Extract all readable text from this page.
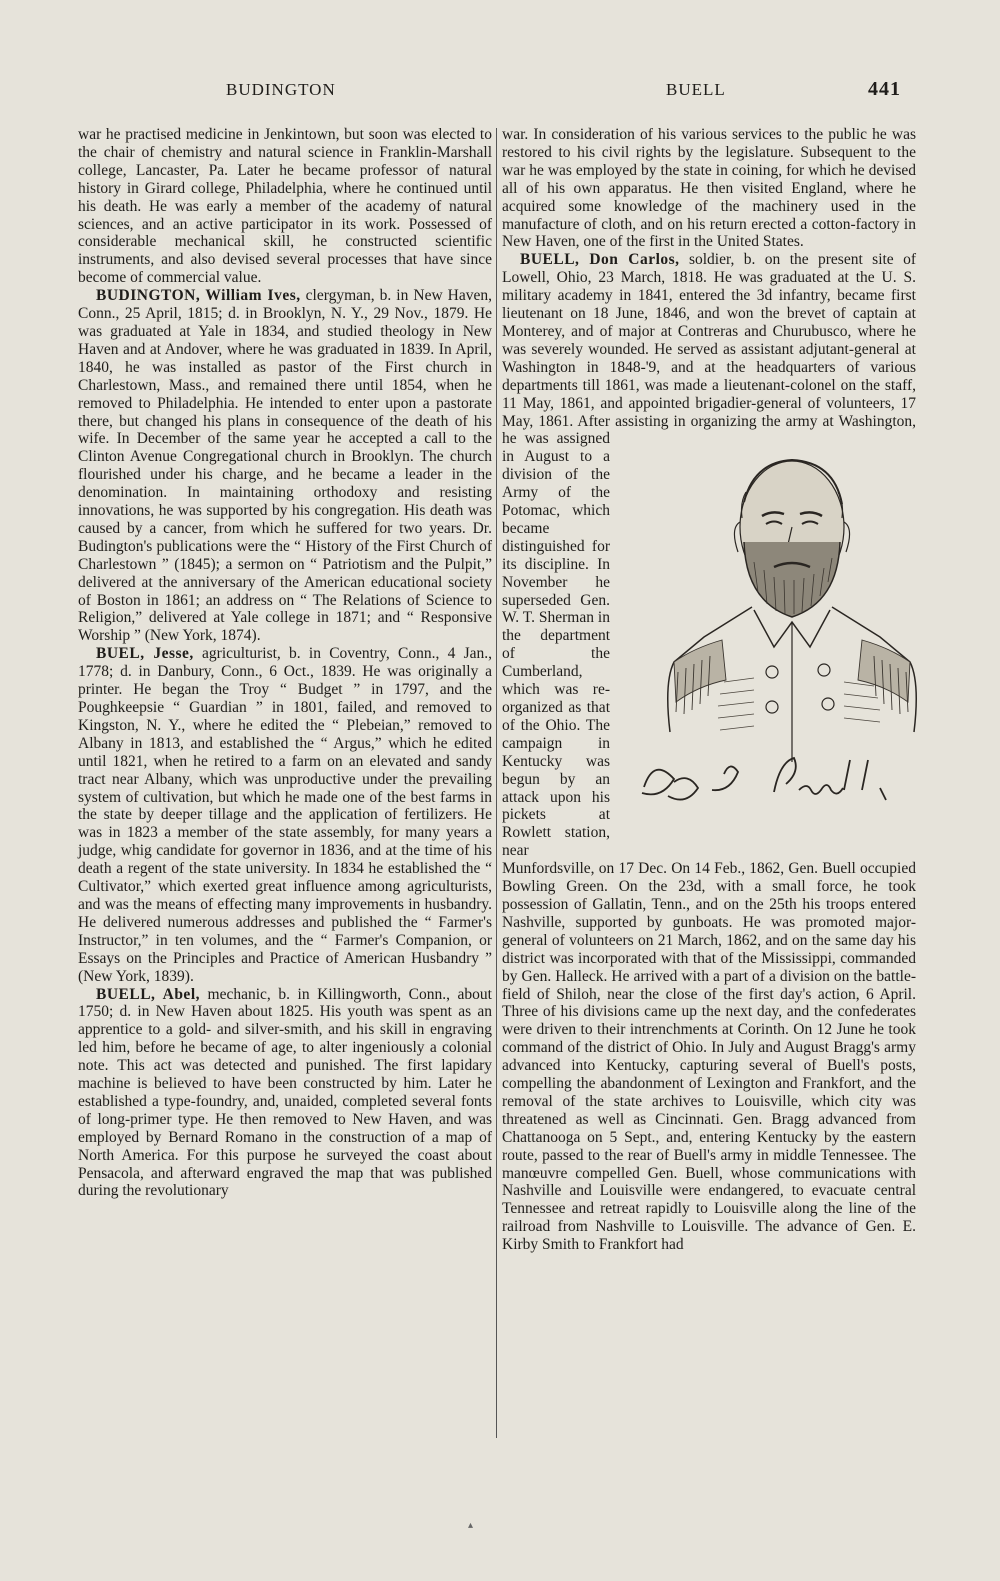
BUDINGTON	BUELL	441

war he practised medicine in Jenkintown, but soon was elected to the chair of chemistry and natural science in Franklin-Marshall college, Lancaster, Pa. Later he became professor of natural history in Girard college, Philadelphia, where he continued until his death. He was early a member of the academy of natural sciences, and an active participator in its work. Possessed of considerable mechanical skill, he constructed scientific instruments, and also devised several processes that have since become of commercial value.

BUDINGTON, William Ives, clergyman, b. in New Haven, Conn., 25 April, 1815; d. in Brooklyn, N. Y., 29 Nov., 1879. He was graduated at Yale in 1834, and studied theology in New Haven and at Andover, where he was graduated in 1839. In April, 1840, he was installed as pastor of the First church in Charlestown, Mass., and remained there until 1854, when he removed to Philadelphia. He intended to enter upon a pastorate there, but changed his plans in consequence of the death of his wife. In December of the same year he accepted a call to the Clinton Avenue Congregational church in Brooklyn. The church flourished under his charge, and he became a leader in the denomination. In maintaining orthodoxy and resisting innovations, he was supported by his congregation. His death was caused by a cancer, from which he suffered for two years. Dr. Budington's publications were the “ History of the First Church of Charlestown ” (1845); a sermon on “ Patriotism and the Pulpit,” delivered at the anniversary of the American educational society of Boston in 1861; an address on “ The Relations of Science to Religion,” delivered at Yale college in 1871; and “ Responsive Worship ” (New York, 1874).

BUEL, Jesse, agriculturist, b. in Coventry, Conn., 4 Jan., 1778; d. in Danbury, Conn., 6 Oct., 1839. He was originally a printer. He began the Troy “ Budget ” in 1797, and the Poughkeepsie “ Guardian ” in 1801, failed, and removed to Kingston, N. Y., where he edited the “ Plebeian,” removed to Albany in 1813, and established the “ Argus,” which he edited until 1821, when he retired to a farm on an elevated and sandy tract near Albany, which was unproductive under the prevailing system of cultivation, but which he made one of the best farms in the state by deeper tillage and the application of fertilizers. He was in 1823 a member of the state assembly, for many years a judge, whig candidate for governor in 1836, and at the time of his death a regent of the state university. In 1834 he established the “ Cultivator,” which exerted great influence among agriculturists, and was the means of effecting many improvements in husbandry. He delivered numerous addresses and published the “ Farmer's Instructor,” in ten volumes, and the “ Farmer's Companion, or Essays on the Principles and Practice of American Husbandry ” (New York, 1839).

BUELL, Abel, mechanic, b. in Killingworth, Conn., about 1750; d. in New Haven about 1825. His youth was spent as an apprentice to a gold- and silver-smith, and his skill in engraving led him, before he became of age, to alter ingeniously a colonial note. This act was detected and punished. The first lapidary machine is believed to have been constructed by him. Later he established a type-foundry, and, unaided, completed several fonts of long-primer type. He then removed to New Haven, and was employed by Bernard Romano in the construction of a map of North America. For this purpose he surveyed the coast about Pensacola, and afterward engraved the map that was published during the revolutionary

war. In consideration of his various services to the public he was restored to his civil rights by the legislature. Subsequent to the war he was employed by the state in coining, for which he devised all of his own apparatus. He then visited England, where he acquired some knowledge of the machinery used in the manufacture of cloth, and on his return erected a cotton-factory in New Haven, one of the first in the United States.

BUELL, Don Carlos, soldier, b. on the present site of Lowell, Ohio, 23 March, 1818. He was graduated at the U. S. military academy in 1841, entered the 3d infantry, became first lieutenant on 18 June, 1846, and won the brevet of captain at Monterey, and of major at Contreras and Churubusco, where he was severely wounded. He served as assistant adjutant-general at Washington in 1848-'9, and at the headquarters of various departments till 1861, was made a lieutenant-colonel on the staff, 11 May, 1861, and appointed brigadier-general of volunteers, 17 May, 1861. After assisting in organizing the army at Washington, he was assigned
in August to a division of the Army of the Potomac, which became distinguished for its discipline. In November he superseded Gen. W. T. Sherman in the department of the Cumberland, which was re-organized as that of the Ohio. The campaign in Kentucky was begun by an attack upon his pickets at Rowlett station, near Munfordsville, on 17 Dec. On 14 Feb., 1862, Gen. Buell occupied Bowling Green. On the 23d, with a small force, he took possession of Gallatin, Tenn., and on the 25th his troops entered Nashville, supported by gunboats. He was promoted major-general of volunteers on 21 March, 1862, and on the same day his district was incorporated with that of the Mississippi, commanded by Gen. Halleck. He arrived with a part of a division on the battle-field of Shiloh, near the close of the first day's action, 6 April. Three of his divisions came up the next day, and the confederates were driven to their intrenchments at Corinth. On 12 June he took command of the district of Ohio. In July and August Bragg's army advanced into Kentucky, capturing several of Buell's posts, compelling the abandonment of Lexington and Frankfort, and the removal of the state archives to Louisville, which city was threatened as well as Cincinnati. Gen. Bragg advanced from Chattanooga on 5 Sept., and, entering Kentucky by the eastern route, passed to the rear of Buell's army in middle Tennessee. The manœuvre compelled Gen. Buell, whose communications with Nashville and Louisville were endangered, to evacuate central Tennessee and retreat rapidly to Louisville along the line of the railroad from Nashville to Louisville. The advance of Gen. E. Kirby Smith to Frankfort had

▴
